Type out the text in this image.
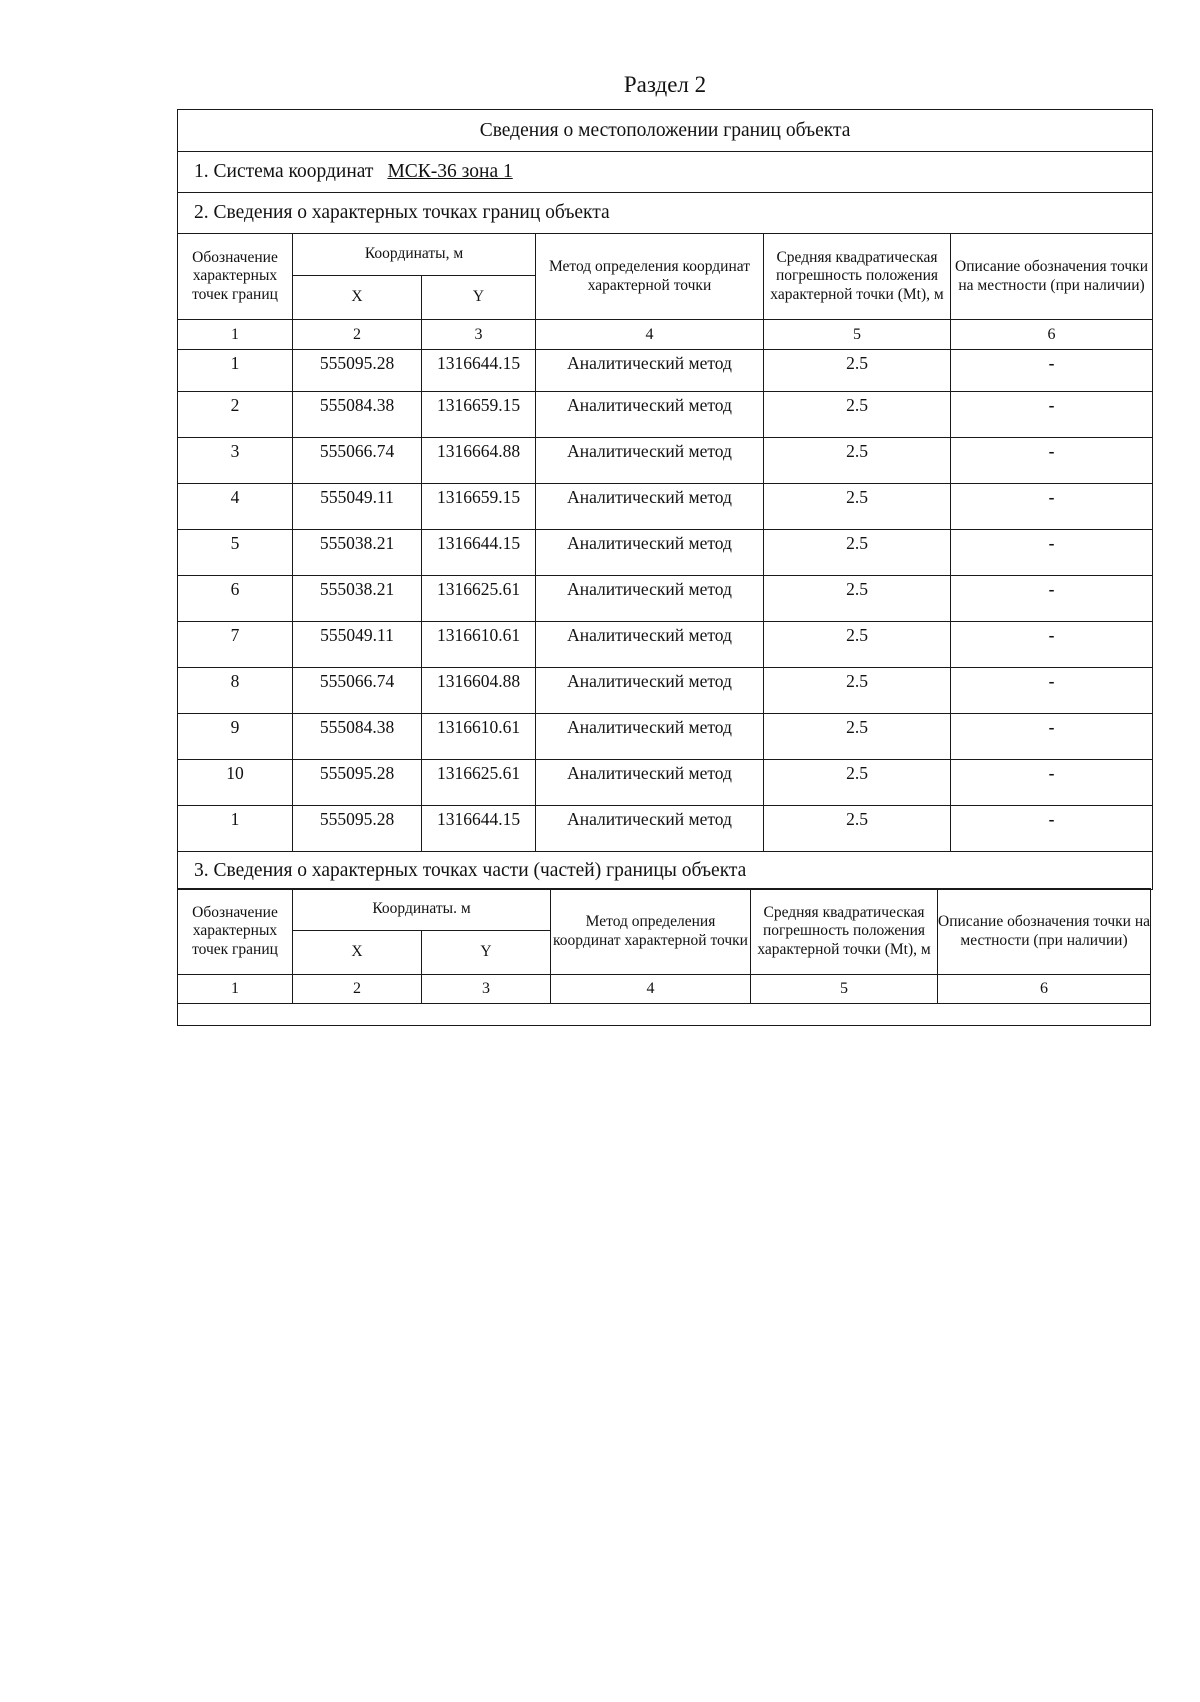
Раздел 2
Сведения о местоположении границ объекта					
1. Система координат МСК-36 зона 1					
2. Сведения о характерных точках границ объекта					
Обозначение характерных точек границ	Координаты, м		Метод определения координат характерной точки	Средняя квадратическая погрешность положения характерной точки (Mt), м	Описание обозначения точки на местности (при наличии)
	X	Y			
1	2	3	4	5	6
1	555095.28	1316644.15	Аналитический метод	2.5	-
2	555084.38	1316659.15	Аналитический метод	2.5	-
3	555066.74	1316664.88	Аналитический метод	2.5	-
4	555049.11	1316659.15	Аналитический метод	2.5	-
5	555038.21	1316644.15	Аналитический метод	2.5	-
6	555038.21	1316625.61	Аналитический метод	2.5	-
7	555049.11	1316610.61	Аналитический метод	2.5	-
8	555066.74	1316604.88	Аналитический метод	2.5	-
9	555084.38	1316610.61	Аналитический метод	2.5	-
10	555095.28	1316625.61	Аналитический метод	2.5	-
1	555095.28	1316644.15	Аналитический метод	2.5	-
3. Сведения о характерных точках части (частей) границы объекта					
Обозначение характерных точек границ	Координаты. м		Метод определения координат характерной точки	Средняя квадратическая погрешность положения характерной точки (Mt), м	Описание обозначения точки на местности (при наличии)
	X	Y			
1	2	3	4	5	6
